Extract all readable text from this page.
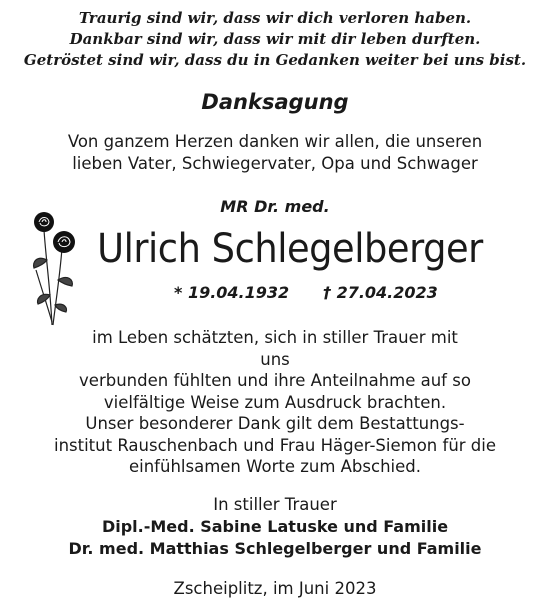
Traurig sind wir, dass wir dich verloren haben.
Dankbar sind wir, dass wir mit dir leben durften.
Getröstet sind wir, dass du in Gedanken weiter bei uns bist.
Danksagung
Von ganzem Herzen danken wir allen, die unseren
lieben Vater, Schwiegervater, Opa und Schwager
MR Dr. med.
Ulrich Schlegelberger
* 19.04.1932 † 27.04.2023
im Leben schätzten, sich in stiller Trauer mit
uns
verbunden fühlten und ihre Anteilnahme auf so
vielfältige Weise zum Ausdruck brachten.
Unser besonderer Dank gilt dem Bestattungs-
institut Rauschenbach und Frau Häger-Siemon für die
einfühlsamen Worte zum Abschied.
In stiller Trauer
Dipl.-Med. Sabine Latuske und Familie
Dr. med. Matthias Schlegelberger und Familie
Zscheiplitz, im Juni 2023
